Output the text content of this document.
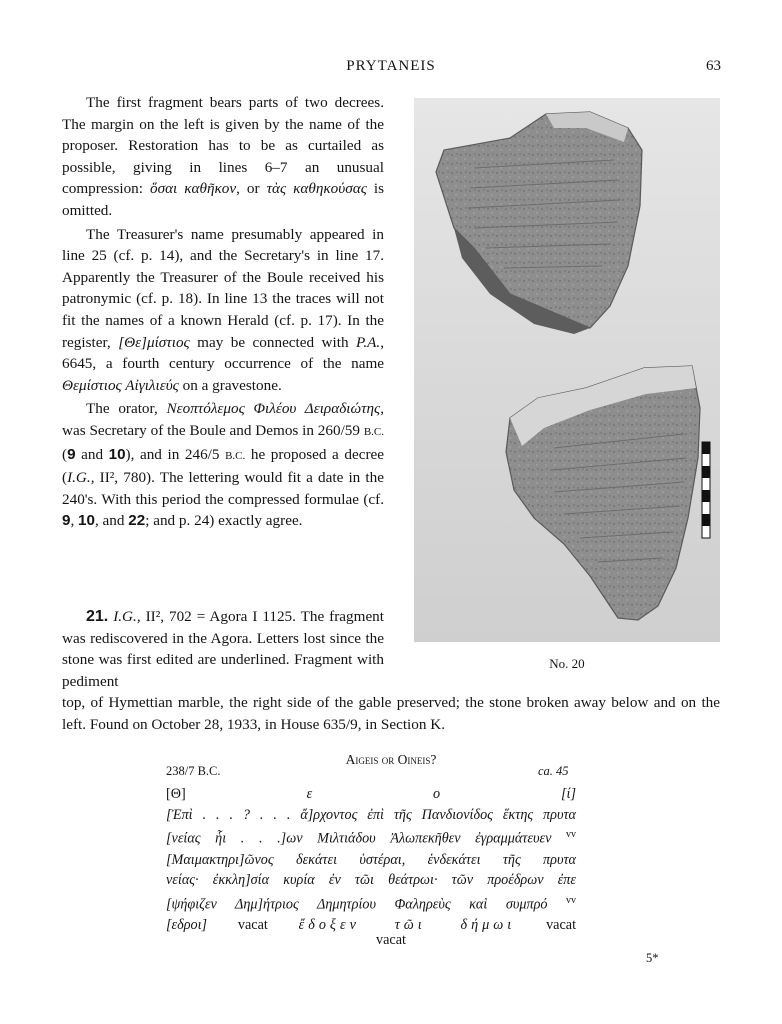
PRYTANEIS	63

The first fragment bears parts of two decrees. The margin on the left is given by the name of the proposer. Restoration has to be as curtailed as possible, giving in lines 6–7 an unusual compression: ὅσαι καθῆκον, or τὰς καθηκούσας is omitted.

The Treasurer's name presumably appeared in line 25 (cf. p. 14), and the Secretary's in line 17. Apparently the Treasurer of the Boule received his patronymic (cf. p. 18). In line 13 the traces will not fit the names of a known Herald (cf. p. 17). In the register, [Θε]μίστιος may be connected with P.A., 6645, a fourth century occurrence of the name Θεμίστιος Αἰγιλιεύς on a gravestone.

The orator, Νεοπτόλεμος Φιλέου Δειραδιώτης, was Secretary of the Boule and Demos in 260/59 B.C. (9 and 10), and in 246/5 B.C. he proposed a decree (I.G., II², 780). The lettering would fit a date in the 240's. With this period the compressed formulae (cf. 9, 10, and 22; and p. 24) exactly agree.

No. 20

21. I.G., II², 702 = Agora I 1125. The fragment was rediscovered in the Agora. Letters lost since the stone was first edited are underlined. Fragment with pediment

top, of Hymettian marble, the right side of the gable preserved; the stone broken away below and on the left. Found on October 28, 1933, in House 635/9, in Section K.

Aigeis or Oineis?
238/7 B.C.	ca. 45
[Θ]	ε	ο	[ί]
[Ἐπὶ . . . ? . . . ἄ]ρχοντος ἐπὶ τῆς Πανδιονίδος ἕκτης πρυτα
[νείας ἧι . . .]ων Μιλτιάδου Ἀλωπεκῆθεν ἐγραμμάτευεν $^{vv}$
[Μαιμακτηρι]ῶνος δεκάτει ὑστέραι, ἑνδεκάτει τῆς πρυτα
νείας· ἐκκλη]σία κυρία ἐν τῶι θεάτρωι· τῶν προέδρων ἐπε
[ψήφιζεν Δημ]ήτριος Δημητρίου Φαληρεὺς καὶ συμπρό $^{vv}$
[εδροι] vacat ἔδοξεν τῶι δήμωι vacat
vacat
5*
